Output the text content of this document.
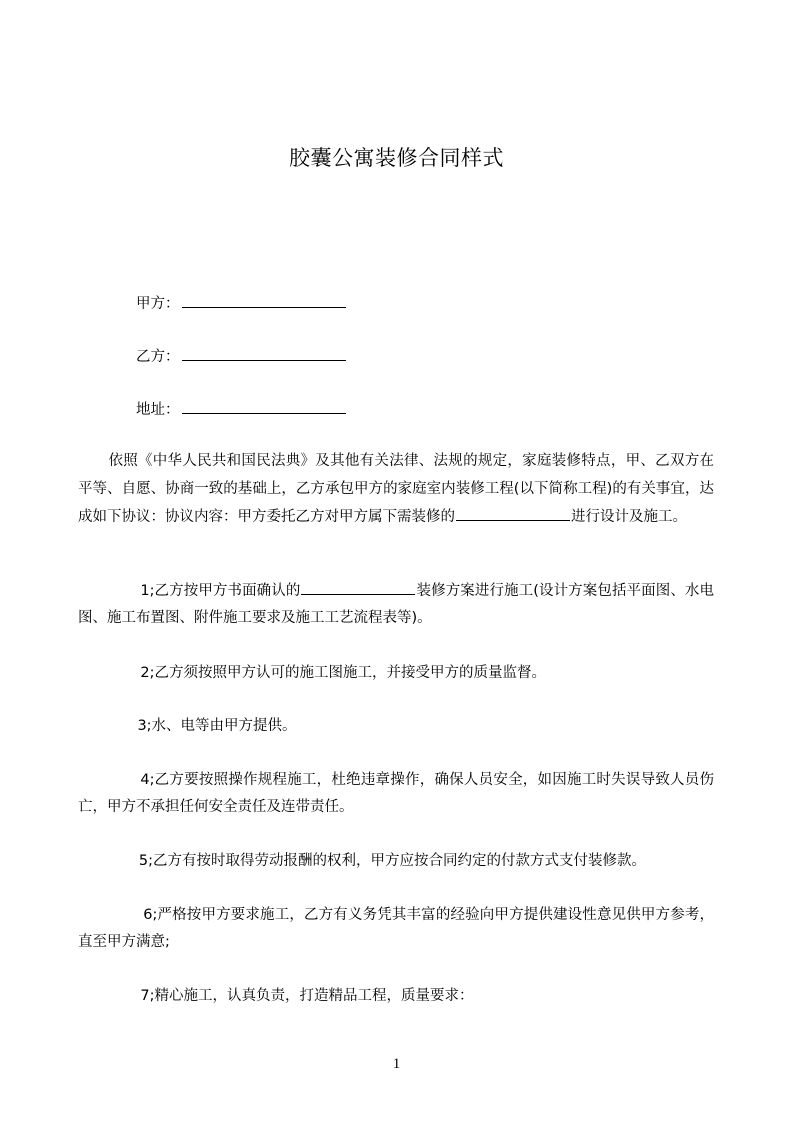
胶囊公寓装修合同样式
甲方：
乙方：
地址：
依照《中华人民共和国民法典》及其他有关法律、法规的规定，家庭装修特点，甲、乙双方在平等、自愿、协商一致的基础上，乙方承包甲方的家庭室内装修工程(以下简称工程)的有关事宜，达成如下协议：协议内容：甲方委托乙方对甲方属下需装修的	进行设计及施工。
1;乙方按甲方书面确认的	装修方案进行施工(设计方案包括平面图、水电图、施工布置图、附件施工要求及施工工艺流程表等)。
2;乙方须按照甲方认可的施工图施工，并接受甲方的质量监督。
3;水、电等由甲方提供。
4;乙方要按照操作规程施工，杜绝违章操作，确保人员安全，如因施工时失误导致人员伤亡，甲方不承担任何安全责任及连带责任。
5;乙方有按时取得劳动报酬的权利，甲方应按合同约定的付款方式支付装修款。
6;严格按甲方要求施工，乙方有义务凭其丰富的经验向甲方提供建设性意见供甲方参考，直至甲方满意;
7;精心施工，认真负责，打造精品工程，质量要求：
1
